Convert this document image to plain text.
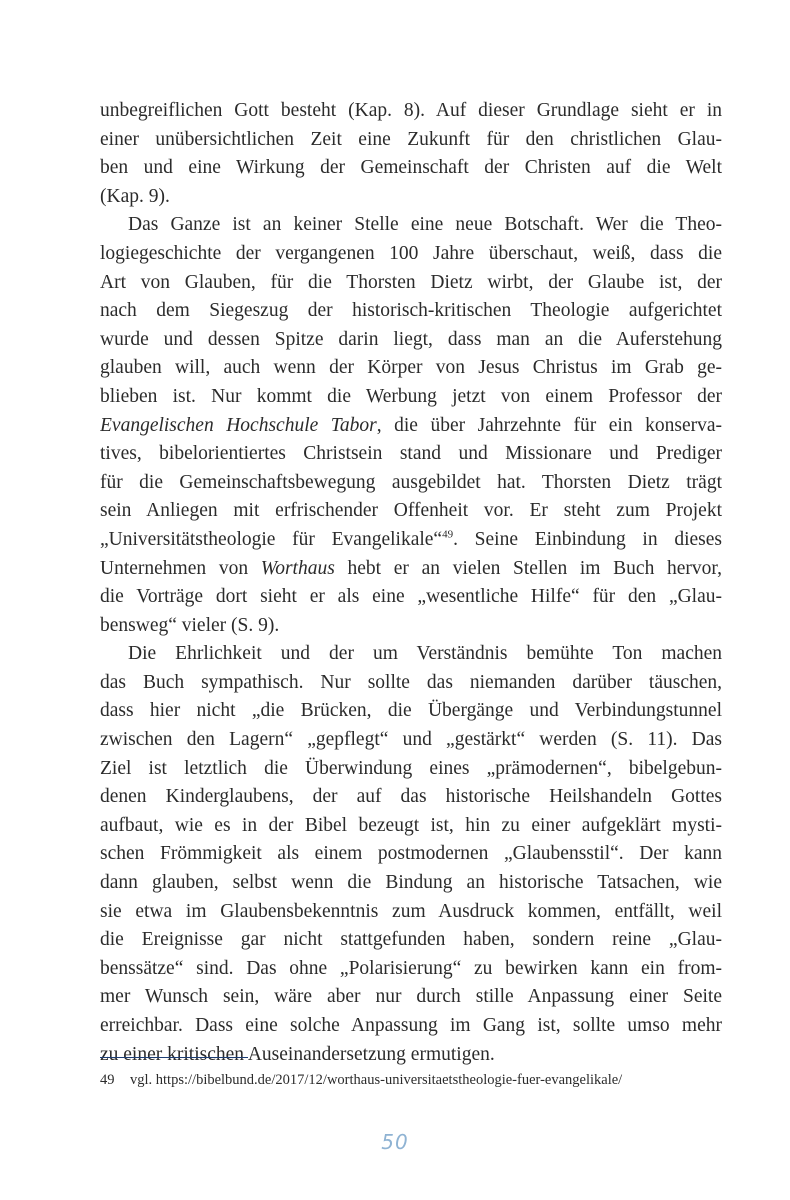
unbegreiflichen Gott besteht (Kap. 8). Auf dieser Grundlage sieht er in
einer unübersichtlichen Zeit eine Zukunft für den christlichen Glau-
ben und eine Wirkung der Gemeinschaft der Christen auf die Welt
(Kap. 9).
Das Ganze ist an keiner Stelle eine neue Botschaft. Wer die Theo-
logiegeschichte der vergangenen 100 Jahre überschaut, weiß, dass die
Art von Glauben, für die Thorsten Dietz wirbt, der Glaube ist, der
nach dem Siegeszug der historisch-kritischen Theologie aufgerichtet
wurde und dessen Spitze darin liegt, dass man an die Auferstehung
glauben will, auch wenn der Körper von Jesus Christus im Grab ge-
blieben ist. Nur kommt die Werbung jetzt von einem Professor der
Evangelischen Hochschule Tabor, die über Jahrzehnte für ein konserva-
tives, bibelorientiertes Christsein stand und Missionare und Prediger
für die Gemeinschaftsbewegung ausgebildet hat. Thorsten Dietz trägt
sein Anliegen mit erfrischender Offenheit vor. Er steht zum Projekt
„Universitätstheologie für Evangelikale“$^{49}$. Seine Einbindung in dieses
Unternehmen von Worthaus hebt er an vielen Stellen im Buch hervor,
die Vorträge dort sieht er als eine „wesentliche Hilfe“ für den „Glau-
bensweg“ vieler (S. 9).
Die Ehrlichkeit und der um Verständnis bemühte Ton machen
das Buch sympathisch. Nur sollte das niemanden darüber täuschen,
dass hier nicht „die Brücken, die Übergänge und Verbindungstunnel
zwischen den Lagern“ „gepflegt“ und „gestärkt“ werden (S. 11). Das
Ziel ist letztlich die Überwindung eines „prämodernen“, bibelgebun-
denen Kinderglaubens, der auf das historische Heilshandeln Gottes
aufbaut, wie es in der Bibel bezeugt ist, hin zu einer aufgeklärt mysti-
schen Frömmigkeit als einem postmodernen „Glaubensstil“. Der kann
dann glauben, selbst wenn die Bindung an historische Tatsachen, wie
sie etwa im Glaubensbekenntnis zum Ausdruck kommen, entfällt, weil
die Ereignisse gar nicht stattgefunden haben, sondern reine „Glau-
benssätze“ sind. Das ohne „Polarisierung“ zu bewirken kann ein from-
mer Wunsch sein, wäre aber nur durch stille Anpassung einer Seite
erreichbar. Dass eine solche Anpassung im Gang ist, sollte umso mehr
zu einer kritischen Auseinandersetzung ermutigen.
49 vgl. https://bibelbund.de/2017/12/worthaus-universitaetstheologie-fuer-evangelikale/
50
